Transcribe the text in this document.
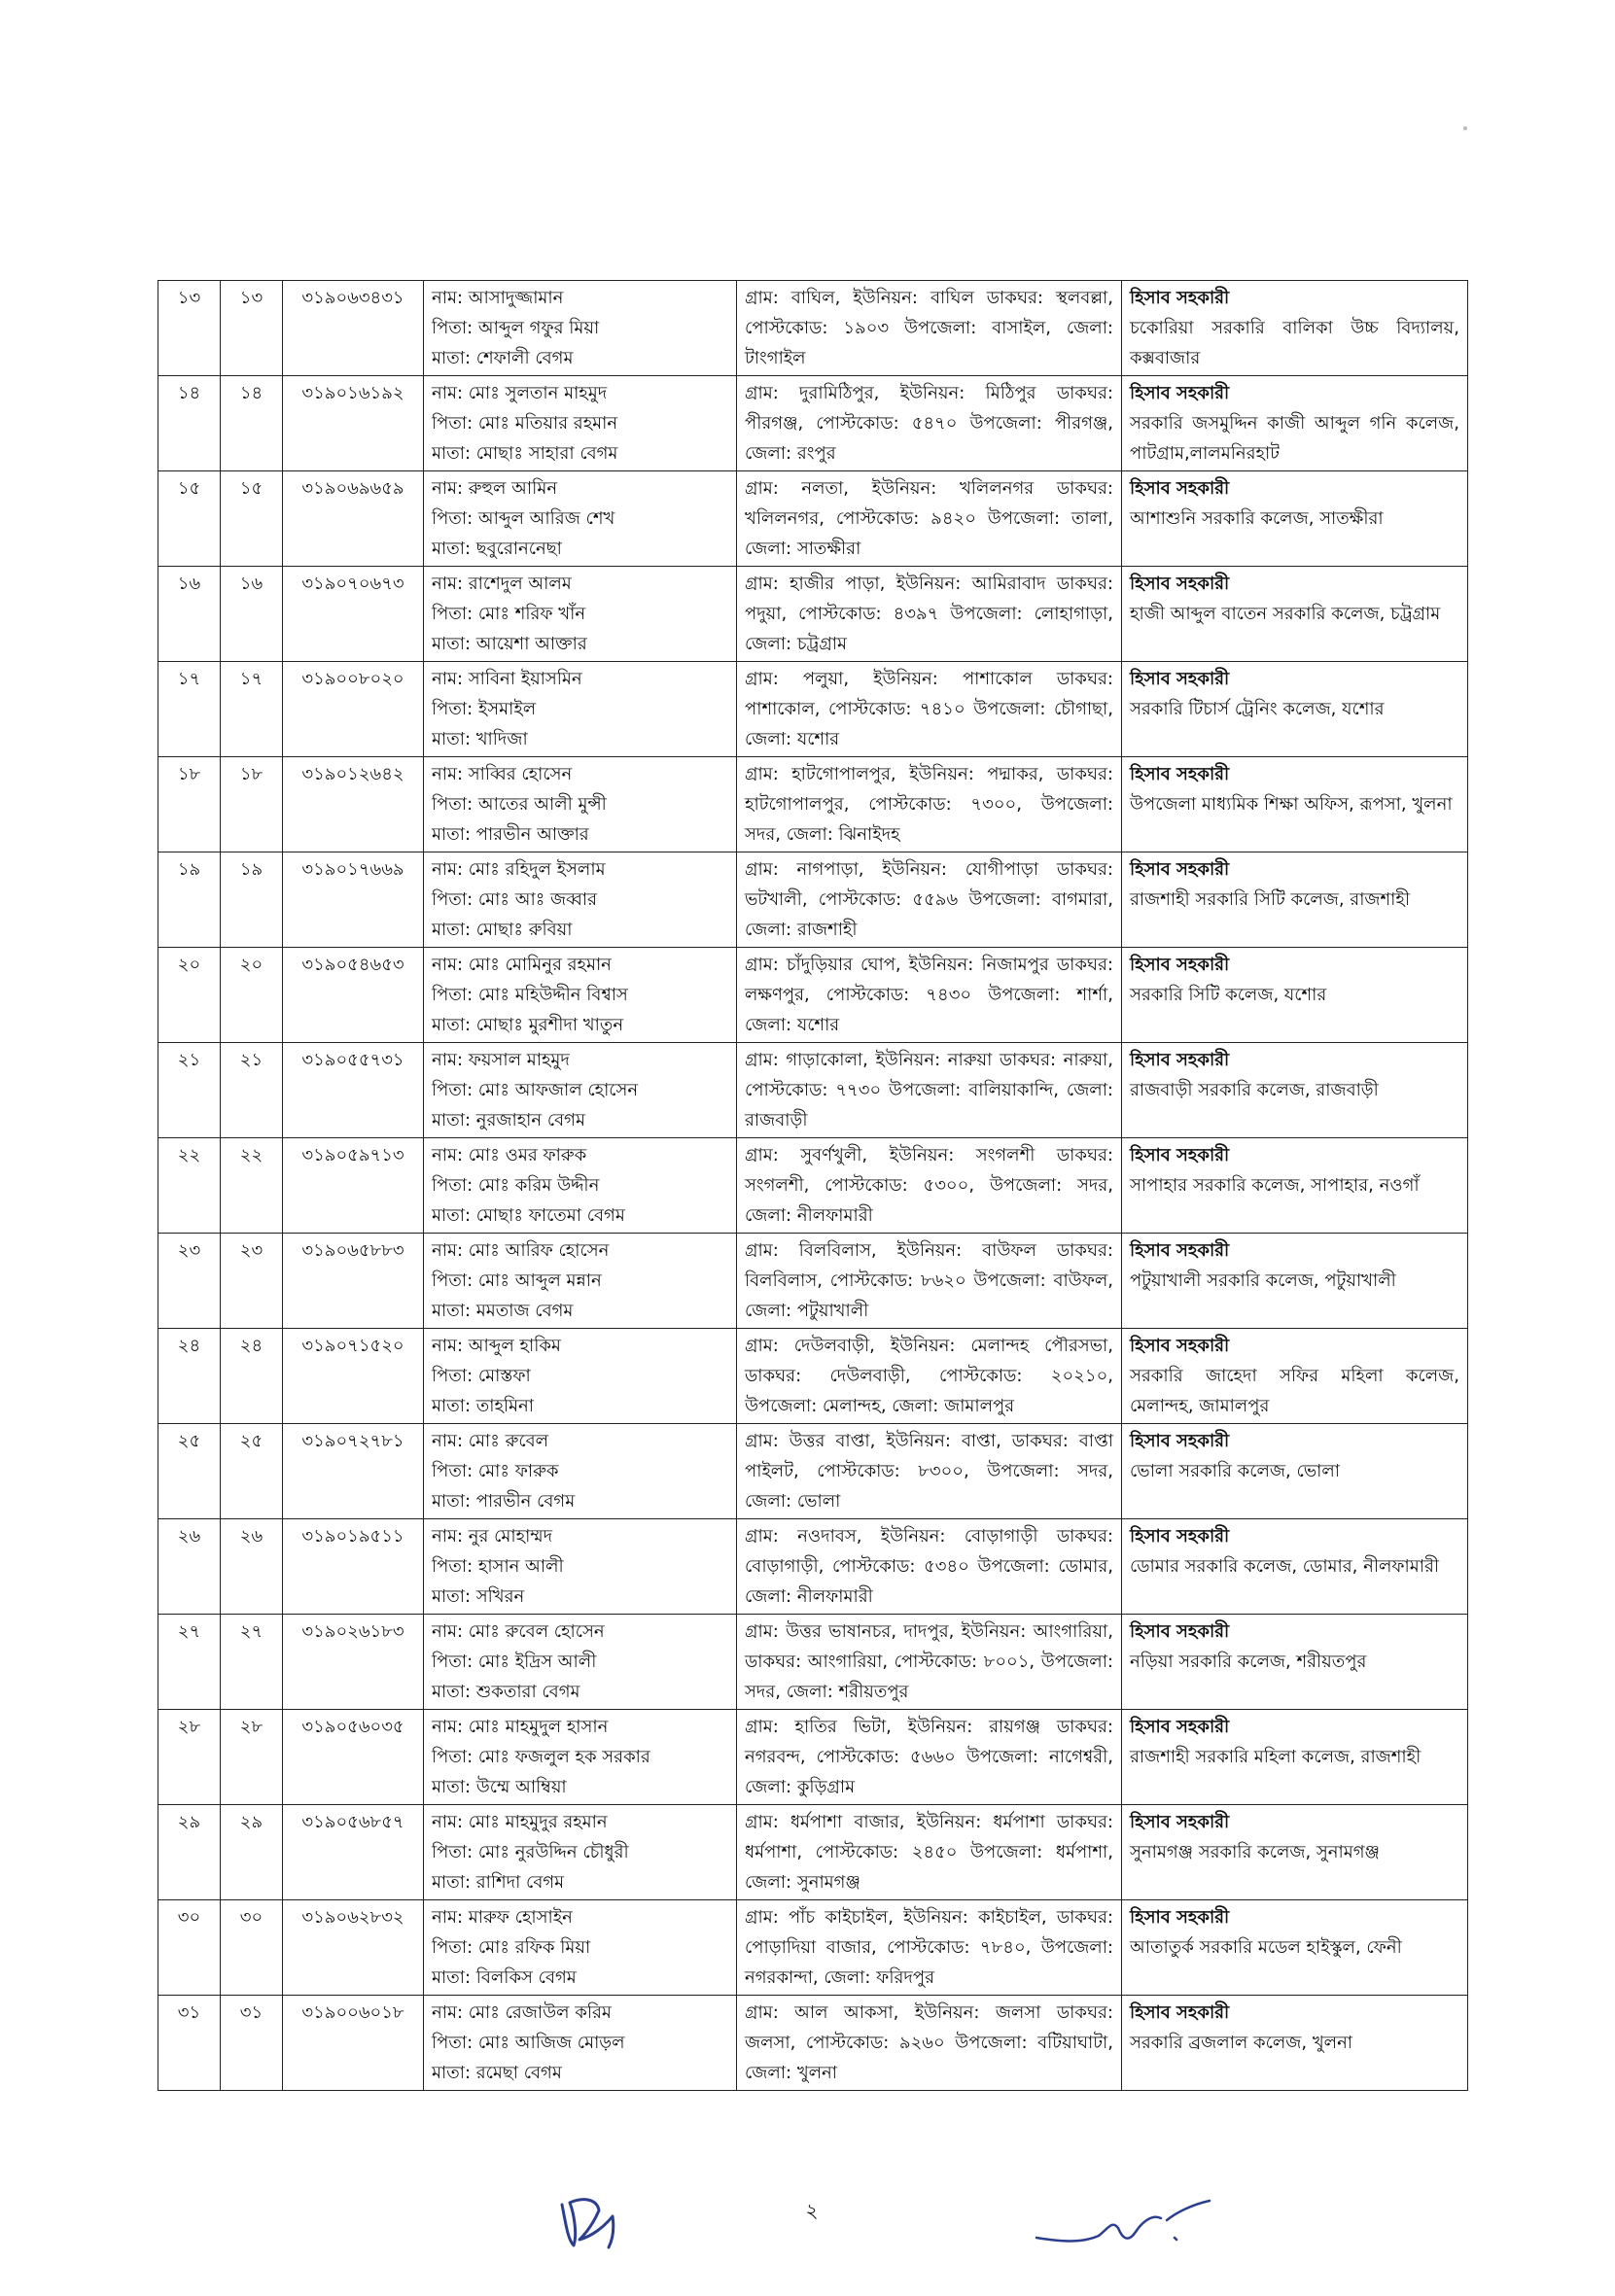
১৩	১৩	৩১৯০৬৩৪৩১	নাম: আসাদুজ্জামান
পিতা: আব্দুল গফুর মিয়া
মাতা: শেফালী বেগম	গ্রাম: বাঘিল, ইউনিয়ন: বাঘিল ডাকঘর: স্থলবল্লা, পোস্টকোড: ১৯০৩ উপজেলা: বাসাইল, জেলা: টাংগাইল	হিসাব সহকারী
চকোরিয়া সরকারি বালিকা উচ্চ বিদ্যালয়, কক্সবাজার

১৪	১৪	৩১৯০১৬১৯২	নাম: মোঃ সুলতান মাহমুদ
পিতা: মোঃ মতিয়ার রহমান
মাতা: মোছাঃ সাহারা বেগম	গ্রাম: দুরামিঠিপুর, ইউনিয়ন: মিঠিপুর ডাকঘর: পীরগঞ্জ, পোস্টকোড: ৫৪৭০ উপজেলা: পীরগঞ্জ, জেলা: রংপুর	হিসাব সহকারী
সরকারি জসমুদ্দিন কাজী আব্দুল গনি কলেজ, পাটগ্রাম,লালমনিরহাট

১৫	১৫	৩১৯০৬৯৬৫৯	নাম: রুহুল আমিন
পিতা: আব্দুল আরিজ শেখ
মাতা: ছবুরোননেছা	গ্রাম: নলতা, ইউনিয়ন: খলিলনগর ডাকঘর: খলিলনগর, পোস্টকোড: ৯৪২০ উপজেলা: তালা, জেলা: সাতক্ষীরা	হিসাব সহকারী
আশাশুনি সরকারি কলেজ, সাতক্ষীরা

১৬	১৬	৩১৯০৭০৬৭৩	নাম: রাশেদুল আলম
পিতা: মোঃ শরিফ খাঁন
মাতা: আয়েশা আক্তার	গ্রাম: হাজীর পাড়া, ইউনিয়ন: আমিরাবাদ ডাকঘর: পদুয়া, পোস্টকোড: ৪৩৯৭ উপজেলা: লোহাগাড়া, জেলা: চট্রগ্রাম	হিসাব সহকারী
হাজী আব্দুল বাতেন সরকারি কলেজ, চট্রগ্রাম

১৭	১৭	৩১৯০০৮০২০	নাম: সাবিনা ইয়াসমিন
পিতা: ইসমাইল
মাতা: খাদিজা	গ্রাম: পলুয়া, ইউনিয়ন: পাশাকোল ডাকঘর: পাশাকোল, পোস্টকোড: ৭৪১০ উপজেলা: চৌগাছা, জেলা: যশোর	হিসাব সহকারী
সরকারি টিচার্স ট্রেনিং কলেজ, যশোর

১৮	১৮	৩১৯০১২৬৪২	নাম: সাব্বির হোসেন
পিতা: আতের আলী মুন্সী
মাতা: পারভীন আক্তার	গ্রাম: হাটগোপালপুর, ইউনিয়ন: পদ্মাকর, ডাকঘর: হাটগোপালপুর, পোস্টকোড: ৭৩০০, উপজেলা: সদর, জেলা: ঝিনাইদহ	হিসাব সহকারী
উপজেলা মাধ্যমিক শিক্ষা অফিস, রূপসা, খুলনা

১৯	১৯	৩১৯০১৭৬৬৯	নাম: মোঃ রহিদুল ইসলাম
পিতা: মোঃ আঃ জব্বার
মাতা: মোছাঃ রুবিয়া	গ্রাম: নাগপাড়া, ইউনিয়ন: যোগীপাড়া ডাকঘর: ভটখালী, পোস্টকোড: ৫৫৯৬ উপজেলা: বাগমারা, জেলা: রাজশাহী	হিসাব সহকারী
রাজশাহী সরকারি সিটি কলেজ, রাজশাহী

২০	২০	৩১৯০৫৪৬৫৩	নাম: মোঃ মোমিনুর রহমান
পিতা: মোঃ মহিউদ্দীন বিশ্বাস
মাতা: মোছাঃ মুরশীদা খাতুন	গ্রাম: চাঁদুড়িয়ার ঘোপ, ইউনিয়ন: নিজামপুর ডাকঘর: লক্ষণপুর, পোস্টকোড: ৭৪৩০ উপজেলা: শার্শা, জেলা: যশোর	হিসাব সহকারী
সরকারি সিটি কলেজ, যশোর

২১	২১	৩১৯০৫৫৭৩১	নাম: ফয়সাল মাহমুদ
পিতা: মোঃ আফজাল হোসেন
মাতা: নুরজাহান বেগম	গ্রাম: গাড়াকোলা, ইউনিয়ন: নারুয়া ডাকঘর: নারুয়া, পোস্টকোড: ৭৭৩০ উপজেলা: বালিয়াকান্দি, জেলা: রাজবাড়ী	হিসাব সহকারী
রাজবাড়ী সরকারি কলেজ, রাজবাড়ী

২২	২২	৩১৯০৫৯৭১৩	নাম: মোঃ ওমর ফারুক
পিতা: মোঃ করিম উদ্দীন
মাতা: মোছাঃ ফাতেমা বেগম	গ্রাম: সুবর্ণখুলী, ইউনিয়ন: সংগলশী ডাকঘর: সংগলশী, পোস্টকোড: ৫৩০০, উপজেলা: সদর, জেলা: নীলফামারী	হিসাব সহকারী
সাপাহার সরকারি কলেজ, সাপাহার, নওগাঁ

২৩	২৩	৩১৯০৬৫৮৮৩	নাম: মোঃ আরিফ হোসেন
পিতা: মোঃ আব্দুল মন্নান
মাতা: মমতাজ বেগম	গ্রাম: বিলবিলাস, ইউনিয়ন: বাউফল ডাকঘর: বিলবিলাস, পোস্টকোড: ৮৬২০ উপজেলা: বাউফল, জেলা: পটুয়াখালী	হিসাব সহকারী
পটুয়াখালী সরকারি কলেজ, পটুয়াখালী

২৪	২৪	৩১৯০৭১৫২০	নাম: আব্দুল হাকিম
পিতা: মোস্তফা
মাতা: তাহমিনা	গ্রাম: দেউলবাড়ী, ইউনিয়ন: মেলান্দহ পৌরসভা, ডাকঘর: দেউলবাড়ী, পোস্টকোড: ২০২১০, উপজেলা: মেলান্দহ, জেলা: জামালপুর	হিসাব সহকারী
সরকারি জাহেদা সফির মহিলা কলেজ, মেলান্দহ, জামালপুর

২৫	২৫	৩১৯০৭২৭৮১	নাম: মোঃ রুবেল
পিতা: মোঃ ফারুক
মাতা: পারভীন বেগম	গ্রাম: উত্তর বাপ্তা, ইউনিয়ন: বাপ্তা, ডাকঘর: বাপ্তা পাইলট, পোস্টকোড: ৮৩০০, উপজেলা: সদর, জেলা: ভোলা	হিসাব সহকারী
ভোলা সরকারি কলেজ, ভোলা

২৬	২৬	৩১৯০১৯৫১১	নাম: নুর মোহাম্মদ
পিতা: হাসান আলী
মাতা: সখিরন	গ্রাম: নওদাবস, ইউনিয়ন: বোড়াগাড়ী ডাকঘর: বোড়াগাড়ী, পোস্টকোড: ৫৩৪০ উপজেলা: ডোমার, জেলা: নীলফামারী	হিসাব সহকারী
ডোমার সরকারি কলেজ, ডোমার, নীলফামারী

২৭	২৭	৩১৯০২৬১৮৩	নাম: মোঃ রুবেল হোসেন
পিতা: মোঃ ইদ্রিস আলী
মাতা: শুকতারা বেগম	গ্রাম: উত্তর ভাষানচর, দাদপুর, ইউনিয়ন: আংগারিয়া, ডাকঘর: আংগারিয়া, পোস্টকোড: ৮০০১, উপজেলা: সদর, জেলা: শরীয়তপুর	হিসাব সহকারী
নড়িয়া সরকারি কলেজ, শরীয়তপুর

২৮	২৮	৩১৯০৫৬০৩৫	নাম: মোঃ মাহমুদুল হাসান
পিতা: মোঃ ফজলুল হক সরকার
মাতা: উম্মে আম্বিয়া	গ্রাম: হাতির ভিটা, ইউনিয়ন: রায়গঞ্জ ডাকঘর: নগরবন্দ, পোস্টকোড: ৫৬৬০ উপজেলা: নাগেশ্বরী, জেলা: কুড়িগ্রাম	হিসাব সহকারী
রাজশাহী সরকারি মহিলা কলেজ, রাজশাহী

২৯	২৯	৩১৯০৫৬৮৫৭	নাম: মোঃ মাহমুদুর রহমান
পিতা: মোঃ নুরউদ্দিন চৌধুরী
মাতা: রাশিদা বেগম	গ্রাম: ধর্মপাশা বাজার, ইউনিয়ন: ধর্মপাশা ডাকঘর: ধর্মপাশা, পোস্টকোড: ২৪৫০ উপজেলা: ধর্মপাশা, জেলা: সুনামগঞ্জ	হিসাব সহকারী
সুনামগঞ্জ সরকারি কলেজ, সুনামগঞ্জ

৩০	৩০	৩১৯০৬২৮৩২	নাম: মারুফ হোসাইন
পিতা: মোঃ রফিক মিয়া
মাতা: বিলকিস বেগম	গ্রাম: পাঁচ কাইচাইল, ইউনিয়ন: কাইচাইল, ডাকঘর: পোড়াদিয়া বাজার, পোস্টকোড: ৭৮৪০, উপজেলা: নগরকান্দা, জেলা: ফরিদপুর	হিসাব সহকারী
আতাতুর্ক সরকারি মডেল হাইস্কুল, ফেনী

৩১	৩১	৩১৯০০৬০১৮	নাম: মোঃ রেজাউল করিম
পিতা: মোঃ আজিজ মোড়ল
মাতা: রমেছা বেগম	গ্রাম: আল আকসা, ইউনিয়ন: জলসা ডাকঘর: জলসা, পোস্টকোড: ৯২৬০ উপজেলা: বটিয়াঘাটা, জেলা: খুলনা	হিসাব সহকারী
সরকারি ব্রজলাল কলেজ, খুলনা
২
